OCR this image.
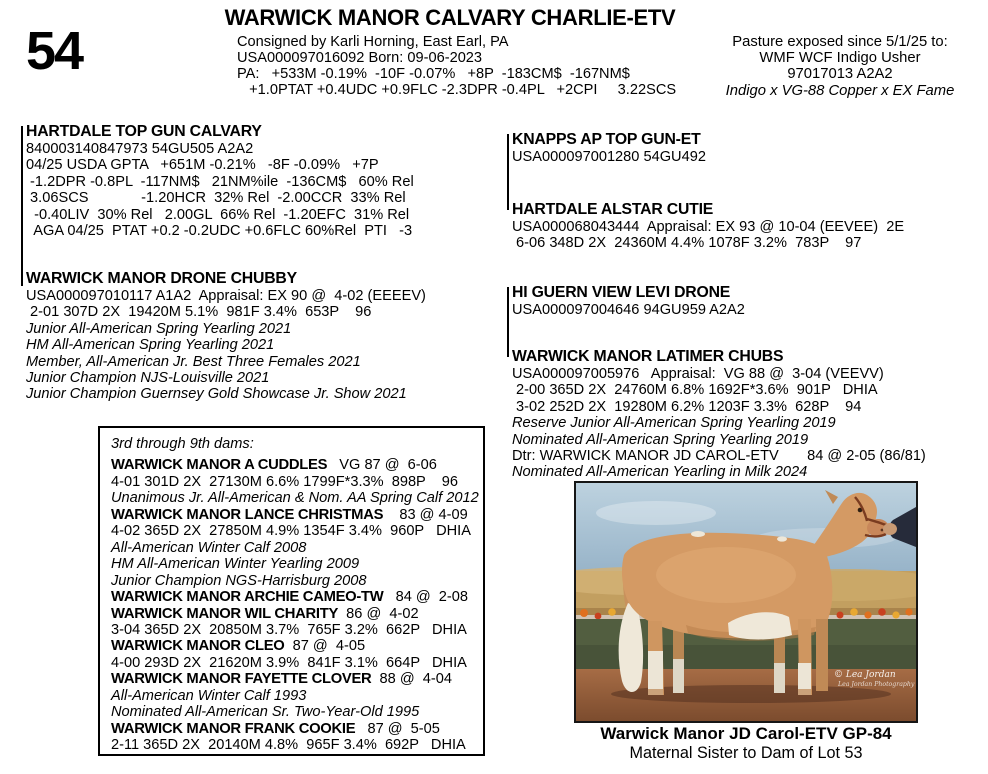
54
WARWICK MANOR CALVARY CHARLIE-ETV
Consigned by Karli Horning, East Earl, PA
USA000097016092 Born: 09-06-2023
PA:   +533M -0.19%  -10F -0.07%   +8P  -183CM$  -167NM$
+1.0PTAT +0.4UDC +0.9FLC -2.3DPR -0.4PL   +2CPI     3.22SCS
Pasture exposed since 5/1/25 to:
WMF WCF Indigo Usher
97017013 A2A2
Indigo x VG-88 Copper x EX Fame
HARTDALE TOP GUN CALVARY
840003140847973 54GU505 A2A2
04/25 USDA GPTA   +651M -0.21%   -8F -0.09%   +7P
-1.2DPR -0.8PL  -117NM$   21NM%ile  -136CM$   60% Rel
3.06SCS             -1.20HCR  32% Rel  -2.00CCR  33% Rel
-0.40LIV  30% Rel   2.00GL  66% Rel  -1.20EFC  31% Rel
AGA 04/25  PTAT +0.2 -0.2UDC +0.6FLC 60%Rel  PTI   -3
WARWICK MANOR DRONE CHUBBY
USA000097010117 A1A2  Appraisal: EX 90 @  4-02 (EEEEV)
2-01 307D 2X  19420M 5.1%  981F 3.4%  653P    96
Junior All-American Spring Yearling 2021
HM All-American Spring Yearling 2021
Member, All-American Jr. Best Three Females 2021
Junior Champion NJS-Louisville 2021
Junior Champion Guernsey Gold Showcase Jr. Show 2021
KNAPPS AP TOP GUN-ET
USA000097001280 54GU492
HARTDALE ALSTAR CUTIE
USA000068043444  Appraisal: EX 93 @ 10-04 (EEVEE)  2E
6-06 348D 2X  24360M 4.4% 1078F 3.2%  783P    97
HI GUERN VIEW LEVI DRONE
USA000097004646 94GU959 A2A2
WARWICK MANOR LATIMER CHUBS
USA000097005976   Appraisal:  VG 88 @  3-04 (VEEVV)
2-00 365D 2X  24760M 6.8% 1692F*3.6%  901P   DHIA
3-02 252D 2X  19280M 6.2% 1203F 3.3%  628P    94
Reserve Junior All-American Spring Yearling 2019
Nominated All-American Spring Yearling 2019
Dtr: WARWICK MANOR JD CAROL-ETV       84 @ 2-05 (86/81)
Nominated All-American Yearling in Milk 2024
3rd through 9th dams:
WARWICK MANOR A CUDDLES   VG 87 @  6-06
4-01 301D 2X  27130M 6.6% 1799F*3.3%  898P    96
Unanimous Jr. All-American & Nom. AA Spring Calf 2012
WARWICK MANOR LANCE CHRISTMAS    83 @ 4-09
4-02 365D 2X  27850M 4.9% 1354F 3.4%  960P   DHIA
All-American Winter Calf 2008
HM All-American Winter Yearling 2009
Junior Champion NGS-Harrisburg 2008
WARWICK MANOR ARCHIE CAMEO-TW   84 @  2-08
WARWICK MANOR WIL CHARITY  86 @  4-02
3-04 365D 2X  20850M 3.7%  765F 3.2%  662P   DHIA
WARWICK MANOR CLEO  87 @  4-05
4-00 293D 2X  21620M 3.9%  841F 3.1%  664P   DHIA
WARWICK MANOR FAYETTE CLOVER  88 @  4-04
All-American Winter Calf 1993
Nominated All-American Sr. Two-Year-Old 1995
WARWICK MANOR FRANK COOKIE   87 @  5-05
2-11 365D 2X  20140M 4.8%  965F 3.4%  692P   DHIA
© Lea Jordan
Lea Jordan Photography
Warwick Manor JD Carol-ETV GP-84
Maternal Sister to Dam of Lot 53
